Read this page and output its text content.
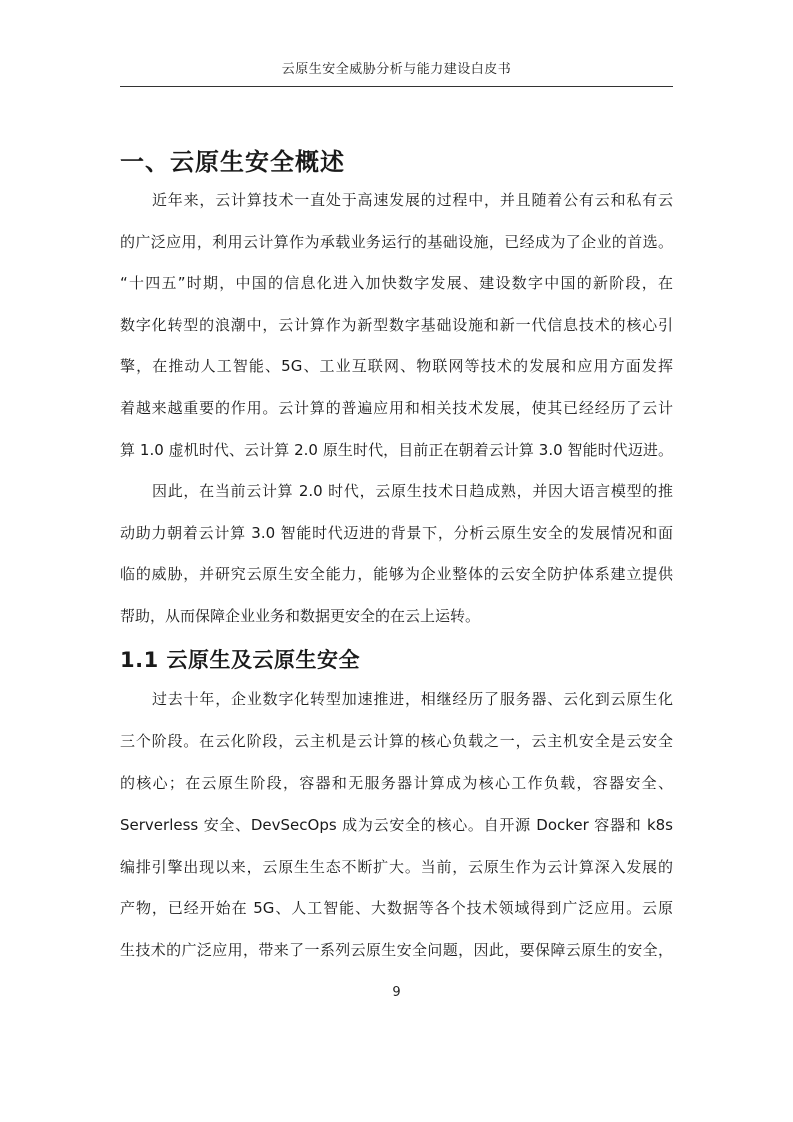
云原生安全威胁分析与能力建设白皮书
一、云原生安全概述
近年来，云计算技术一直处于高速发展的过程中，并且随着公有云和私有云
的广泛应用，利用云计算作为承载业务运行的基础设施，已经成为了企业的首选。
“十四五”时期，中国的信息化进入加快数字发展、建设数字中国的新阶段，在
数字化转型的浪潮中，云计算作为新型数字基础设施和新一代信息技术的核心引
擎，在推动人工智能、5G、工业互联网、物联网等技术的发展和应用方面发挥
着越来越重要的作用。云计算的普遍应用和相关技术发展，使其已经经历了云计
算 1.0 虚机时代、云计算 2.0 原生时代，目前正在朝着云计算 3.0 智能时代迈进。
因此，在当前云计算 2.0 时代，云原生技术日趋成熟，并因大语言模型的推
动助力朝着云计算 3.0 智能时代迈进的背景下，分析云原生安全的发展情况和面
临的威胁，并研究云原生安全能力，能够为企业整体的云安全防护体系建立提供
帮助，从而保障企业业务和数据更安全的在云上运转。
1.1 云原生及云原生安全
过去十年，企业数字化转型加速推进，相继经历了服务器、云化到云原生化
三个阶段。在云化阶段，云主机是云计算的核心负载之一，云主机安全是云安全
的核心；在云原生阶段，容器和无服务器计算成为核心工作负载，容器安全、
Serverless 安全、DevSecOps 成为云安全的核心。自开源 Docker 容器和 k8s
编排引擎出现以来，云原生生态不断扩大。当前，云原生作为云计算深入发展的
产物，已经开始在 5G、人工智能、大数据等各个技术领域得到广泛应用。云原
生技术的广泛应用，带来了一系列云原生安全问题，因此，要保障云原生的安全，
9
